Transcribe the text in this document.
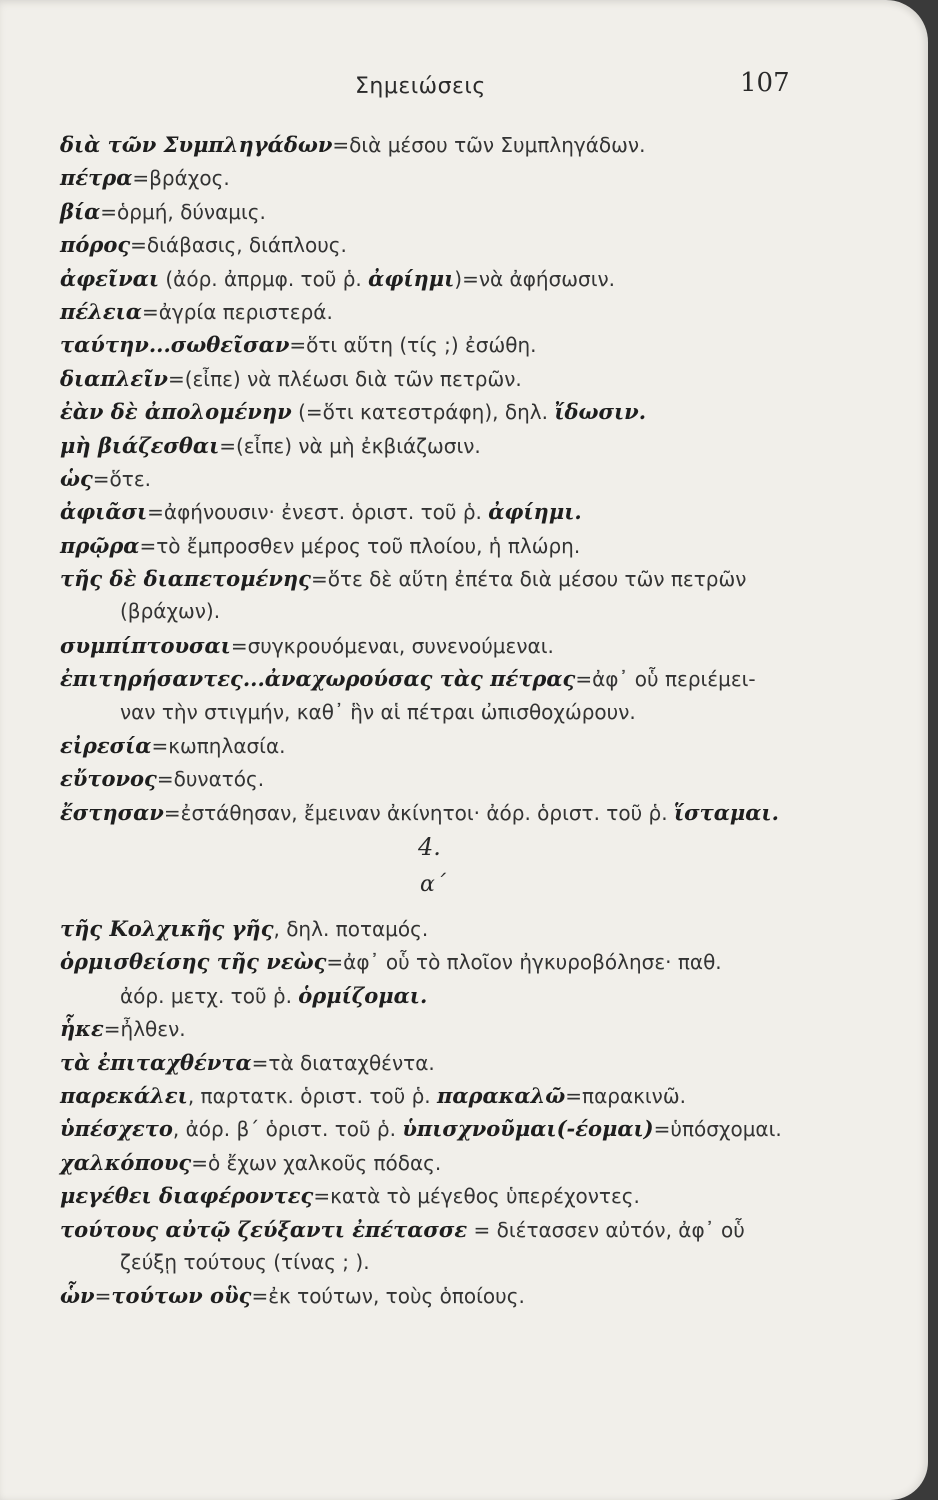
Σημειώσεις	107
διὰ τῶν Συμπληγάδων=διὰ μέσου τῶν Συμπληγάδων.
πέτρα=βράχος.
βία=ὁρμή, δύναμις.
πόρος=διάβασις, διάπλους.
ἀφεῖναι (ἀόρ. ἀπρμφ. τοῦ ῥ. ἀφίημι)=νὰ ἀφήσωσιν.
πέλεια=ἀγρία περιστερά.
ταύτην...σωθεῖσαν=ὅτι αὕτη (τίς ;) ἐσώθη.
διαπλεῖν=(εἶπε) νὰ πλέωσι διὰ τῶν πετρῶν.
ἐὰν δὲ ἀπολομένην (=ὅτι κατεστράφη), δηλ. ἴδωσιν.
μὴ βιάζεσθαι=(εἶπε) νὰ μὴ ἐκβιάζωσιν.
ὡς=ὅτε.
ἀφιᾶσι=ἀφήνουσιν· ἐνεστ. ὁριστ. τοῦ ῥ. ἀφίημι.
πρῷρα=τὸ ἔμπροσθεν μέρος τοῦ πλοίου, ἡ πλώρη.
τῆς δὲ διαπετομένης=ὅτε δὲ αὕτη ἐπέτα διὰ μέσου τῶν πετρῶν
(βράχων).
συμπίπτουσαι=συγκρουόμεναι, συνενούμεναι.
ἐπιτηρήσαντες...ἀναχωρούσας τὰς πέτρας=ἀφ᾽ οὗ περιέμει-
ναν τὴν στιγμήν, καθ᾽ ἣν αἱ πέτραι ὠπισθοχώρουν.
εἰρεσία=κωπηλασία.
εὔτονος=δυνατός.
ἔστησαν=ἐστάθησαν, ἔμειναν ἀκίνητοι· ἀόρ. ὁριστ. τοῦ ῥ. ἵσταμαι.
4.
α΄
τῆς Κολχικῆς γῆς, δηλ. ποταμός.
ὁρμισθείσης τῆς νεὼς=ἀφ᾽ οὗ τὸ πλοῖον ἠγκυροβόλησε· παθ.
ἀόρ. μετχ. τοῦ ῥ. ὁρμίζομαι.
ἧκε=ἦλθεν.
τὰ ἐπιταχθέντα=τὰ διαταχθέντα.
παρεκάλει, παρτατκ. ὁριστ. τοῦ ῥ. παρακαλῶ=παρακινῶ.
ὑπέσχετο, ἀόρ. β΄ ὁριστ. τοῦ ῥ. ὑπισχνοῦμαι(-έομαι)=ὑπόσχομαι.
χαλκόπους=ὁ ἔχων χαλκοῦς πόδας.
μεγέθει διαφέροντες=κατὰ τὸ μέγεθος ὑπερέχοντες.
τούτους αὐτῷ ζεύξαντι ἐπέτασσε = διέτασσεν αὐτόν, ἀφ᾽ οὗ
ζεύξῃ τούτους (τίνας ; ).
ὧν=τούτων οὓς=ἐκ τούτων, τοὺς ὁποίους.
